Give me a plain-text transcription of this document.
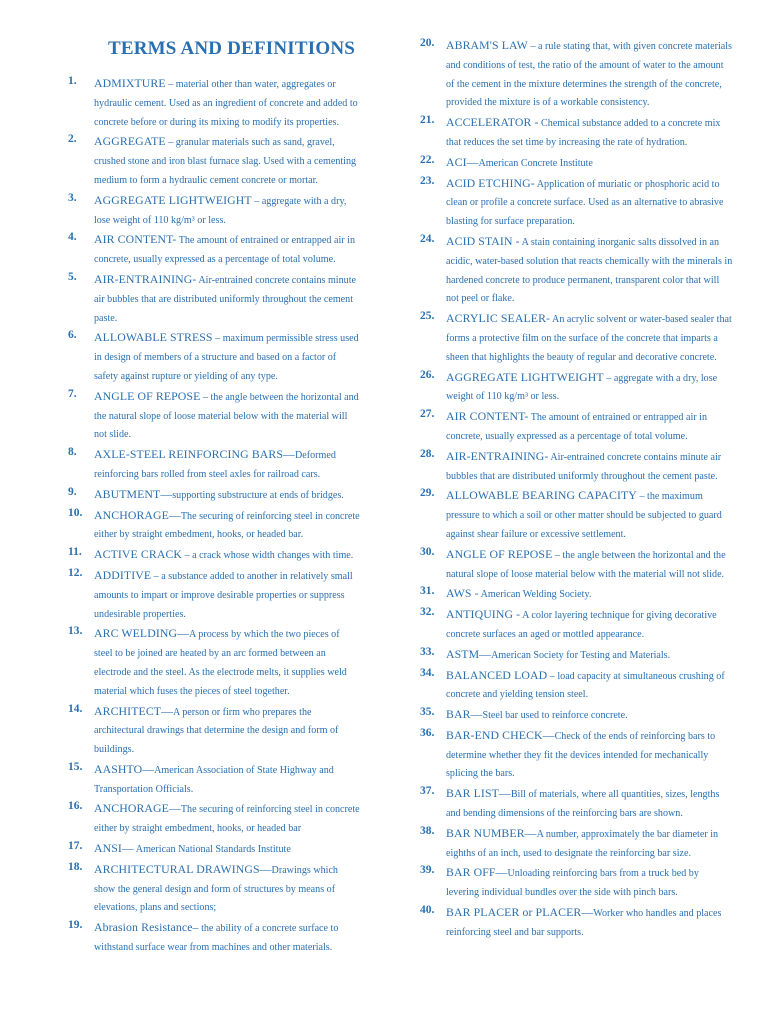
TERMS AND DEFINITIONS
1.	ADMIXTURE – material other than water, aggregates or hydraulic cement. Used as an ingredient of concrete and added to concrete before or during its mixing to modify its properties.

2.	AGGREGATE – granular materials such as sand, gravel, crushed stone and iron blast furnace slag. Used with a cementing medium to form a hydraulic cement concrete or mortar.

3.	AGGREGATE LIGHTWEIGHT – aggregate with a dry, lose weight of 110 kg/m³ or less.

4.	AIR CONTENT- The amount of entrained or entrapped air in concrete, usually expressed as a percentage of total volume.

5.	AIR-ENTRAINING- Air-entrained concrete contains minute air bubbles that are distributed uniformly throughout the cement paste.

6.	ALLOWABLE STRESS – maximum permissible stress used in design of members of a structure and based on a factor of safety against rupture or yielding of any type.

7.	ANGLE OF REPOSE – the angle between the horizontal and the natural slope of loose material below with the material will not slide.

8.	AXLE-STEEL REINFORCING BARS—Deformed reinforcing bars rolled from steel axles for railroad cars.

9.	ABUTMENT—supporting substructure at ends of bridges.

10. ANCHORAGE—The securing of reinforcing steel in concrete either by straight embedment, hooks, or headed bar.

11.	ACTIVE CRACK – a crack whose width changes with time.

12. ADDITIVE – a substance added to another in relatively small amounts to impart or improve desirable properties or suppress undesirable properties.

13. ARC WELDING—A process by which the two pieces of steel to be joined are heated by an arc formed between an electrode and the steel. As the electrode melts, it supplies weld material which fuses the pieces of steel together.

14. ARCHITECT—A person or firm who prepares the architectural drawings that determine the design and form of buildings.

15. AASHTO—American Association of State Highway and Transportation Officials.

16. ANCHORAGE—The securing of reinforcing steel in concrete either by straight embedment, hooks, or headed bar

17. ANSI— American National Standards Institute

18. ARCHITECTURAL DRAWINGS—Drawings which show the general design and form of structures by means of elevations, plans and sections;

19. Abrasion Resistance– the ability of a concrete surface to withstand surface wear from machines and other materials.

20. ABRAM'S LAW – a rule stating that, with given concrete materials and conditions of test, the ratio of the amount of water to the amount of the cement in the mixture determines the strength of the concrete, provided the mixture is of a workable consistency.

21. ACCELERATOR - Chemical substance added to a concrete mix that reduces the set time by increasing the rate of hydration.

22. ACI—American Concrete Institute

23. ACID ETCHING- Application of muriatic or phosphoric acid to clean or profile a concrete surface. Used as an alternative to abrasive blasting for surface preparation.

24. ACID STAIN - A stain containing inorganic salts dissolved in an acidic, water-based solution that reacts chemically with the minerals in hardened concrete to produce permanent, transparent color that will not peel or flake.

25. ACRYLIC SEALER- An acrylic solvent or water-based sealer that forms a protective film on the surface of the concrete that imparts a sheen that highlights the beauty of regular and decorative concrete.

26. AGGREGATE LIGHTWEIGHT – aggregate with a dry, lose weight of 110 kg/m³ or less.

27. AIR CONTENT- The amount of entrained or entrapped air in concrete, usually expressed as a percentage of total volume.

28. AIR-ENTRAINING- Air-entrained concrete contains minute air bubbles that are distributed uniformly throughout the cement paste.

29. ALLOWABLE BEARING CAPACITY – the maximum pressure to which a soil or other matter should be subjected to guard against shear failure or excessive settlement.

30. ANGLE OF REPOSE – the angle between the horizontal and the natural slope of loose material below with the material will not slide.

31. AWS - American Welding Society.

32. ANTIQUING - A color layering technique for giving decorative concrete surfaces an aged or mottled appearance.

33. ASTM—American Society for Testing and Materials.

34. BALANCED LOAD – load capacity at simultaneous crushing of concrete and yielding tension steel.

35. BAR—Steel bar used to reinforce concrete.

36. BAR-END CHECK—Check of the ends of reinforcing bars to determine whether they fit the devices intended for mechanically splicing the bars.

37. BAR LIST—Bill of materials, where all quantities, sizes, lengths and bending dimensions of the reinforcing bars are shown.

38. BAR NUMBER—A number, approximately the bar diameter in eighths of an inch, used to designate the reinforcing bar size.

39. BAR OFF—Unloading reinforcing bars from a truck bed by levering individual bundles over the side with pinch bars.

40. BAR PLACER or PLACER—Worker who handles and places reinforcing steel and bar supports.
